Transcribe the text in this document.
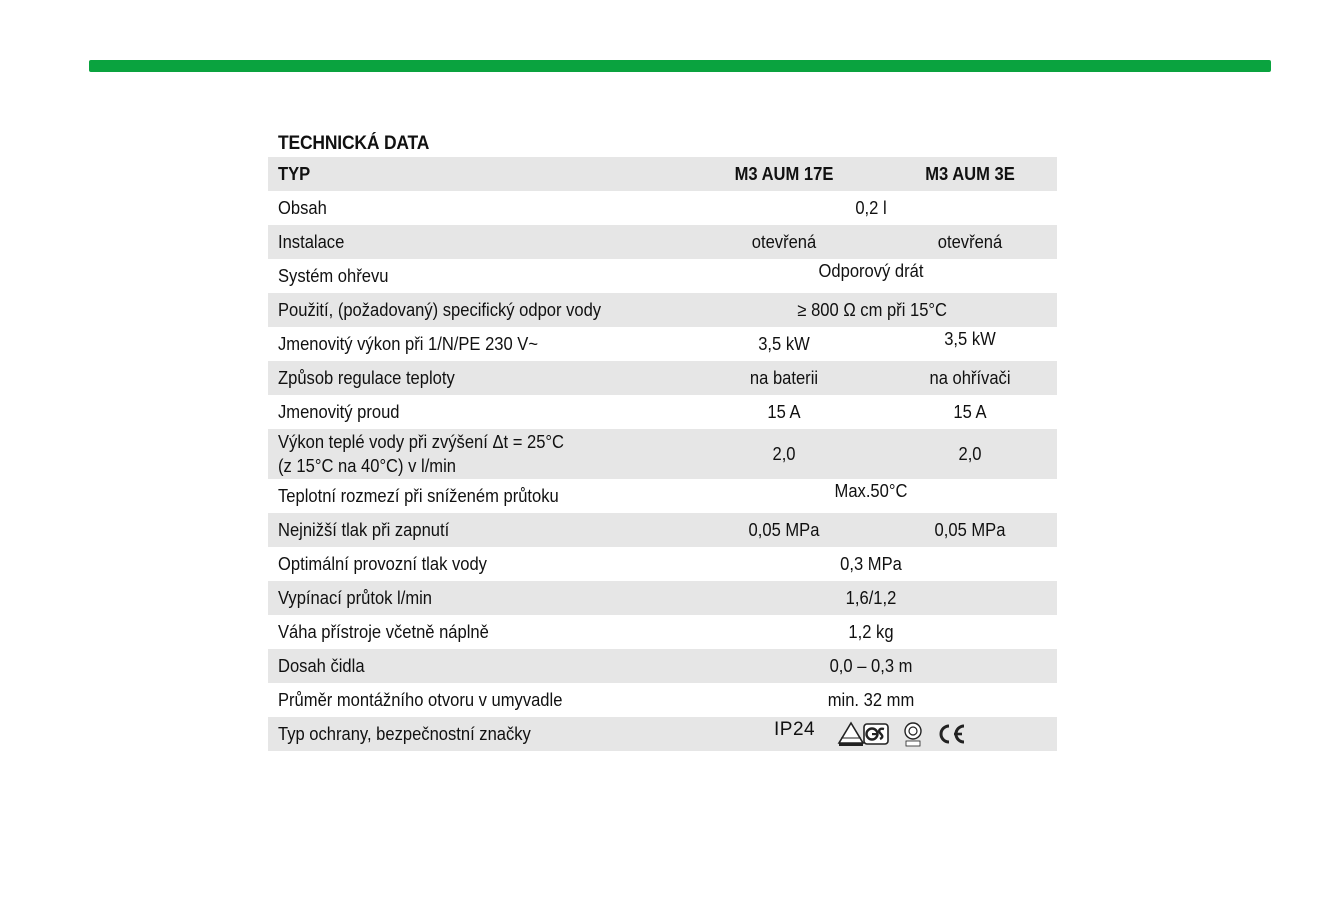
TECHNICKÁ DATA
TYP	M3 AUM 17E	M3 AUM 3E
Obsah	0,2 l
Instalace	otevřená	otevřená
Systém ohřevu	Odporový drát
Použití, (požadovaný) specifický odpor vody	≥ 800 Ω cm při 15°C
Jmenovitý výkon při 1/N/PE 230 V~	3,5 kW	3,5 kW
Způsob regulace teploty	na baterii	na ohřívači
Jmenovitý proud	15 A	15 A
Výkon teplé vody při zvýšení Δt = 25°C
(z 15°C na 40°C) v l/min
2,0	2,0
Teplotní rozmezí při sníženém průtoku	Max.50°C
Nejnižší tlak při zapnutí	0,05 MPa	0,05 MPa
Optimální provozní tlak vody	0,3 MPa
Vypínací průtok l/min	1,6/1,2
Váha přístroje včetně náplně	1,2 kg
Dosah čidla	0,0 – 0,3 m
Průměr montážního otvoru v umyvadle	min. 32 mm
Typ ochrany, bezpečnostní značky	IP24
